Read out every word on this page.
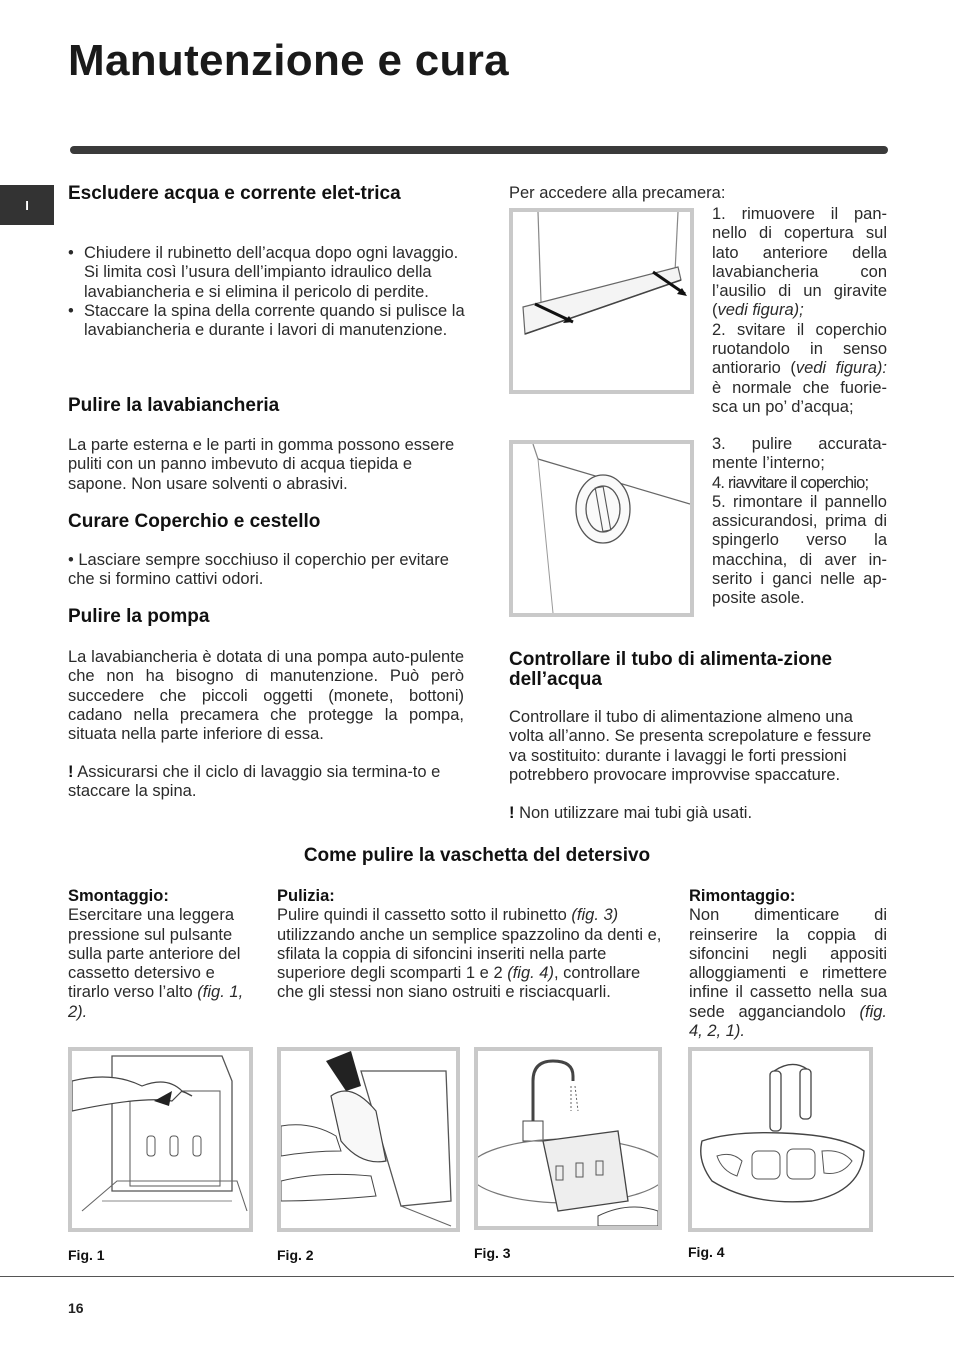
Manutenzione e cura
I
Escludere acqua e corrente elet-trica
• Chiudere il rubinetto dell’acqua dopo ogni lavaggio. Si limita così l’usura dell’impianto idraulico della lavabiancheria e si elimina il pericolo di perdite.
• Staccare la spina della corrente quando si pulisce la lavabiancheria e durante i lavori di manutenzione.
Pulire la lavabiancheria

La parte esterna e le parti in gomma possono essere puliti con un panno imbevuto di acqua tiepida e sapone. Non usare solventi o abrasivi.

Curare Coperchio e cestello
• Lasciare sempre socchiuso il coperchio per evitare che si formino cattivi odori.
Pulire la pompa

La lavabiancheria è dotata di una pompa auto-pulente che non ha bisogno di manutenzione. Può però succedere che piccoli oggetti (monete, bottoni) cadano nella precamera che protegge la pompa, situata nella parte inferiore di essa.

! Assicurarsi che il ciclo di lavaggio sia termina-to e staccare la spina.

Per accedere alla precamera:

1. rimuovere il pan-nello di copertura sul lato anteriore della lavabiancheria con l’ausilio di un giravite (vedi figura);
2. svitare il coperchio ruotandolo in senso antiorario (vedi figura): è normale che fuorie-sca un po’ d’acqua;

3. pulire accurata-mente l’interno;
4. riavvitare il coperchio;
5. rimontare il pannello assicurandosi, prima di spingerlo verso la macchina, di aver in-serito i ganci nelle ap-posite asole.

Controllare il tubo di alimenta-zione dell’acqua

Controllare il tubo di alimentazione almeno una volta all’anno. Se presenta screpolature e fessure va sostituito: durante i lavaggi le forti pressioni potrebbero provocare improvvise spaccature.

! Non utilizzare mai tubi già usati.

Come pulire la vaschetta del detersivo

Smontaggio:
Esercitare una leggera pressione sul pulsante sulla parte anteriore del cassetto detersivo e tirarlo verso l’alto (fig. 1, 2).

Pulizia:
Pulire quindi il cassetto sotto il rubinetto (fig. 3) utilizzando anche un semplice spazzolino da denti e, sfilata la coppia di sifoncini inseriti nella parte superiore degli scomparti 1 e 2 (fig. 4), controllare che gli stessi non siano ostruiti e risciacquarli.

Rimontaggio:
Non dimenticare di reinserire la coppia di sifoncini negli appositi alloggiamenti e rimettere infine il cassetto nella sua sede agganciandolo (fig. 4, 2, 1).

Fig. 1	Fig. 2	Fig. 3	Fig. 4
16
